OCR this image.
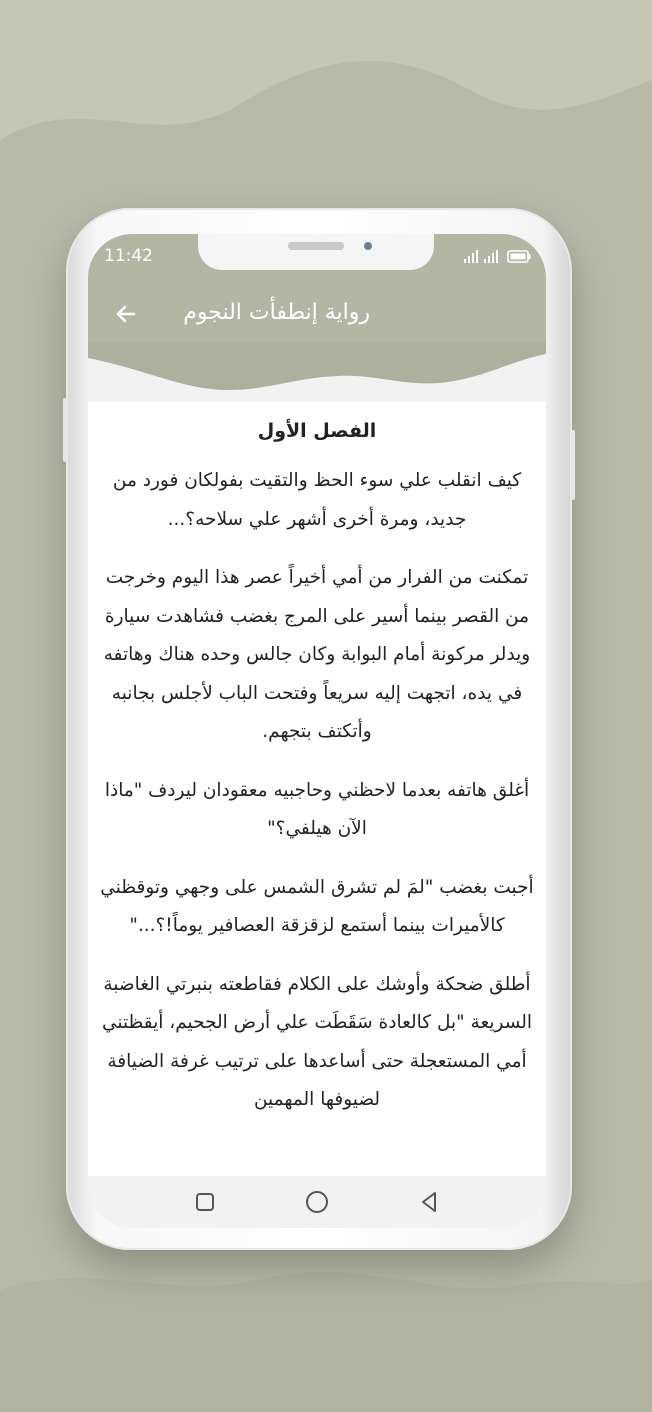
11:42
رواية إنطفأت النجوم
الفصل الأول

كيف انقلب علي سوء الحظ والتقيت بفولكان فورد من جديد، ومرة أخرى أشهر علي سلاحه؟...

تمكنت من الفرار من أمي أخيراً عصر هذا اليوم وخرجت من القصر بينما أسير على المرج بغضب فشاهدت سيارة ويدلر مركونة أمام البوابة وكان جالس وحده هناك وهاتفه في يده، اتجهت إليه سريعاً وفتحت الباب لأجلس بجانبه وأتكتف بتجهم.

أغلق هاتفه بعدما لاحظني وحاجبيه معقودان ليردف "ماذا الآن هيلفي؟"

أجبت بغضب "لمَ لم تشرق الشمس على وجهي وتوقظني كالأميرات بينما أستمع لزقزقة العصافير يوماً!؟..."

أطلق ضحكة وأوشك على الكلام فقاطعته بنبرتي الغاضبة السريعة "بل كالعادة سَقَطَت علي أرض الجحيم، أيقظتني أمي المستعجلة حتى أساعدها على ترتيب غرفة الضيافة لضيوفها المهمين
